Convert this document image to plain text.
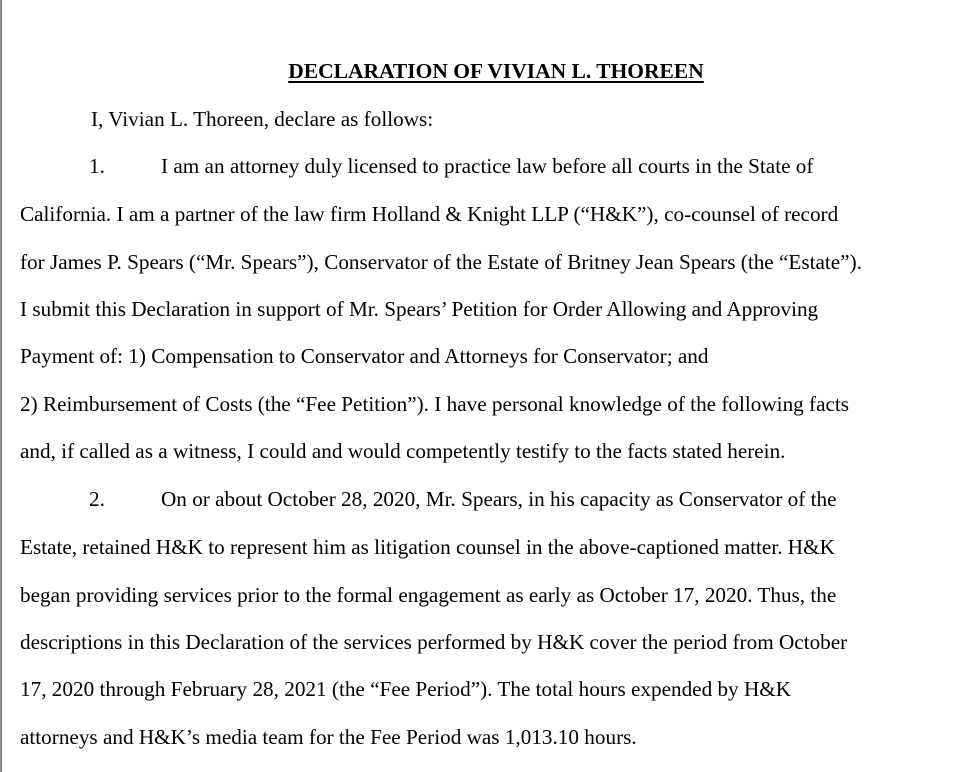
DECLARATION OF VIVIAN L. THOREEN
I, Vivian L. Thoreen, declare as follows:
1.	I am an attorney duly licensed to practice law before all courts in the State of
California. I am a partner of the law firm Holland & Knight LLP (“H&K”), co-counsel of record
for James P. Spears (“Mr. Spears”), Conservator of the Estate of Britney Jean Spears (the “Estate”).
I submit this Declaration in support of Mr. Spears’ Petition for Order Allowing and Approving
Payment of: 1) Compensation to Conservator and Attorneys for Conservator; and
2) Reimbursement of Costs (the “Fee Petition”). I have personal knowledge of the following facts
and, if called as a witness, I could and would competently testify to the facts stated herein.
2.	On or about October 28, 2020, Mr. Spears, in his capacity as Conservator of the
Estate, retained H&K to represent him as litigation counsel in the above-captioned matter. H&K
began providing services prior to the formal engagement as early as October 17, 2020. Thus, the
descriptions in this Declaration of the services performed by H&K cover the period from October
17, 2020 through February 28, 2021 (the “Fee Period”). The total hours expended by H&K
attorneys and H&K’s media team for the Fee Period was 1,013.10 hours.
